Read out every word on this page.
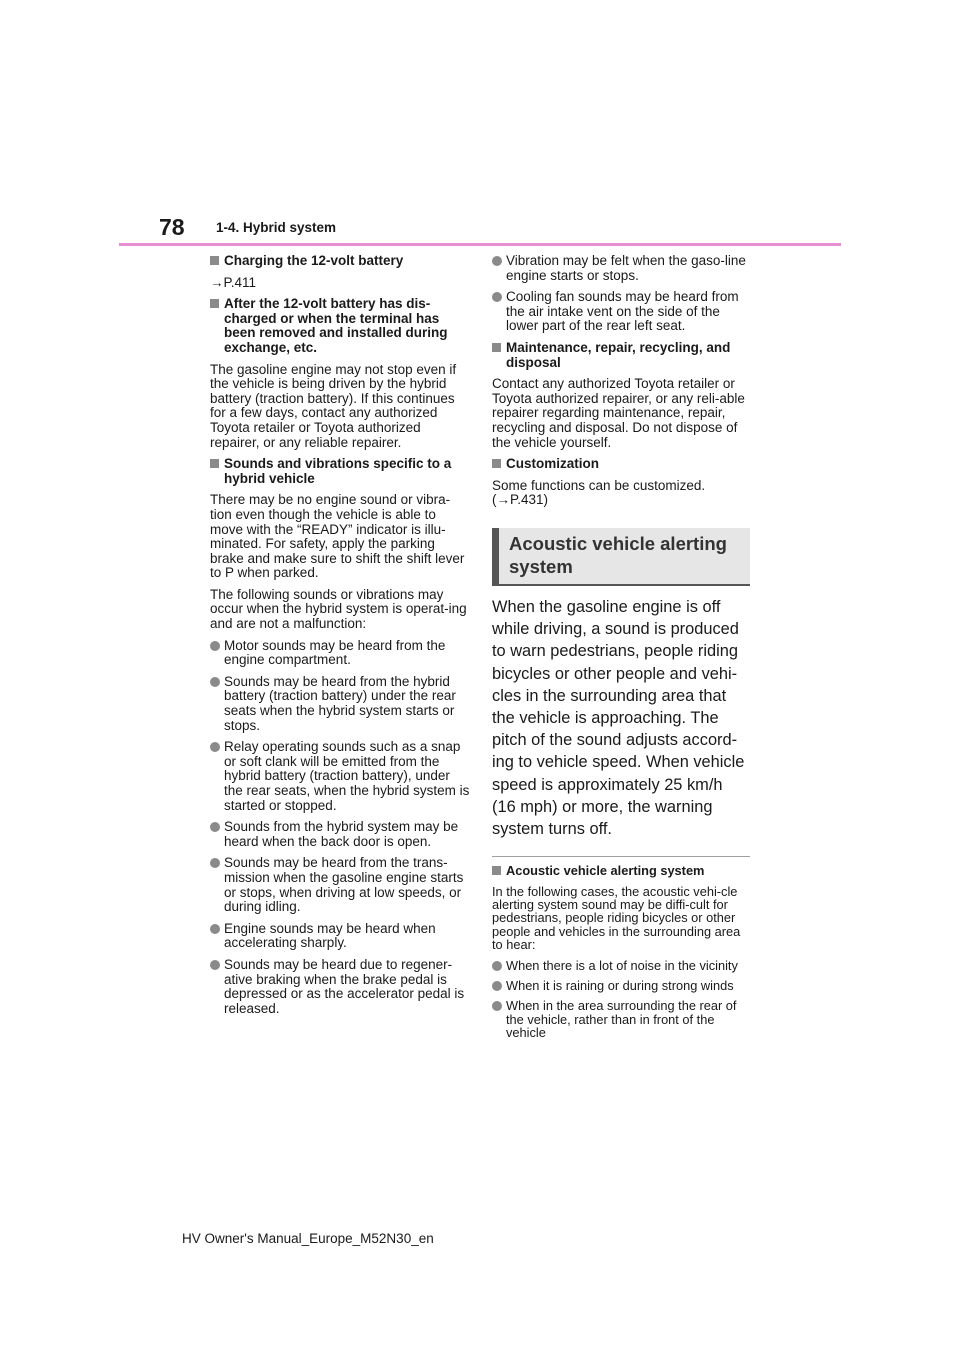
78 1-4. Hybrid system
Charging the 12-volt battery
→P.411
After the 12-volt battery has dis-charged or when the terminal has been removed and installed during exchange, etc.
The gasoline engine may not stop even if the vehicle is being driven by the hybrid battery (traction battery). If this continues for a few days, contact any authorized Toyota retailer or Toyota authorized repairer, or any reliable repairer.
Sounds and vibrations specific to a hybrid vehicle
There may be no engine sound or vibra-tion even though the vehicle is able to move with the “READY” indicator is illu-minated. For safety, apply the parking brake and make sure to shift the shift lever to P when parked.
The following sounds or vibrations may occur when the hybrid system is operat-ing and are not a malfunction:
Motor sounds may be heard from the engine compartment.
Sounds may be heard from the hybrid battery (traction battery) under the rear seats when the hybrid system starts or stops.
Relay operating sounds such as a snap or soft clank will be emitted from the hybrid battery (traction battery), under the rear seats, when the hybrid system is started or stopped.
Sounds from the hybrid system may be heard when the back door is open.
Sounds may be heard from the trans-mission when the gasoline engine starts or stops, when driving at low speeds, or during idling.
Engine sounds may be heard when accelerating sharply.
Sounds may be heard due to regener-ative braking when the brake pedal is depressed or as the accelerator pedal is released.
Vibration may be felt when the gaso-line engine starts or stops.
Cooling fan sounds may be heard from the air intake vent on the side of the lower part of the rear left seat.
Maintenance, repair, recycling, and disposal
Contact any authorized Toyota retailer or Toyota authorized repairer, or any reli-able repairer regarding maintenance, repair, recycling and disposal. Do not dispose of the vehicle yourself.
Customization
Some functions can be customized. (→P.431)
Acoustic vehicle alerting system
When the gasoline engine is off while driving, a sound is produced to warn pedestrians, people riding bicycles or other people and vehi-cles in the surrounding area that the vehicle is approaching. The pitch of the sound adjusts accord-ing to vehicle speed. When vehicle speed is approximately 25 km/h (16 mph) or more, the warning system turns off.
Acoustic vehicle alerting system
In the following cases, the acoustic vehi-cle alerting system sound may be diffi-cult for pedestrians, people riding bicycles or other people and vehicles in the surrounding area to hear:
When there is a lot of noise in the vicinity
When it is raining or during strong winds
When in the area surrounding the rear of the vehicle, rather than in front of the vehicle
HV Owner's Manual_Europe_M52N30_en
